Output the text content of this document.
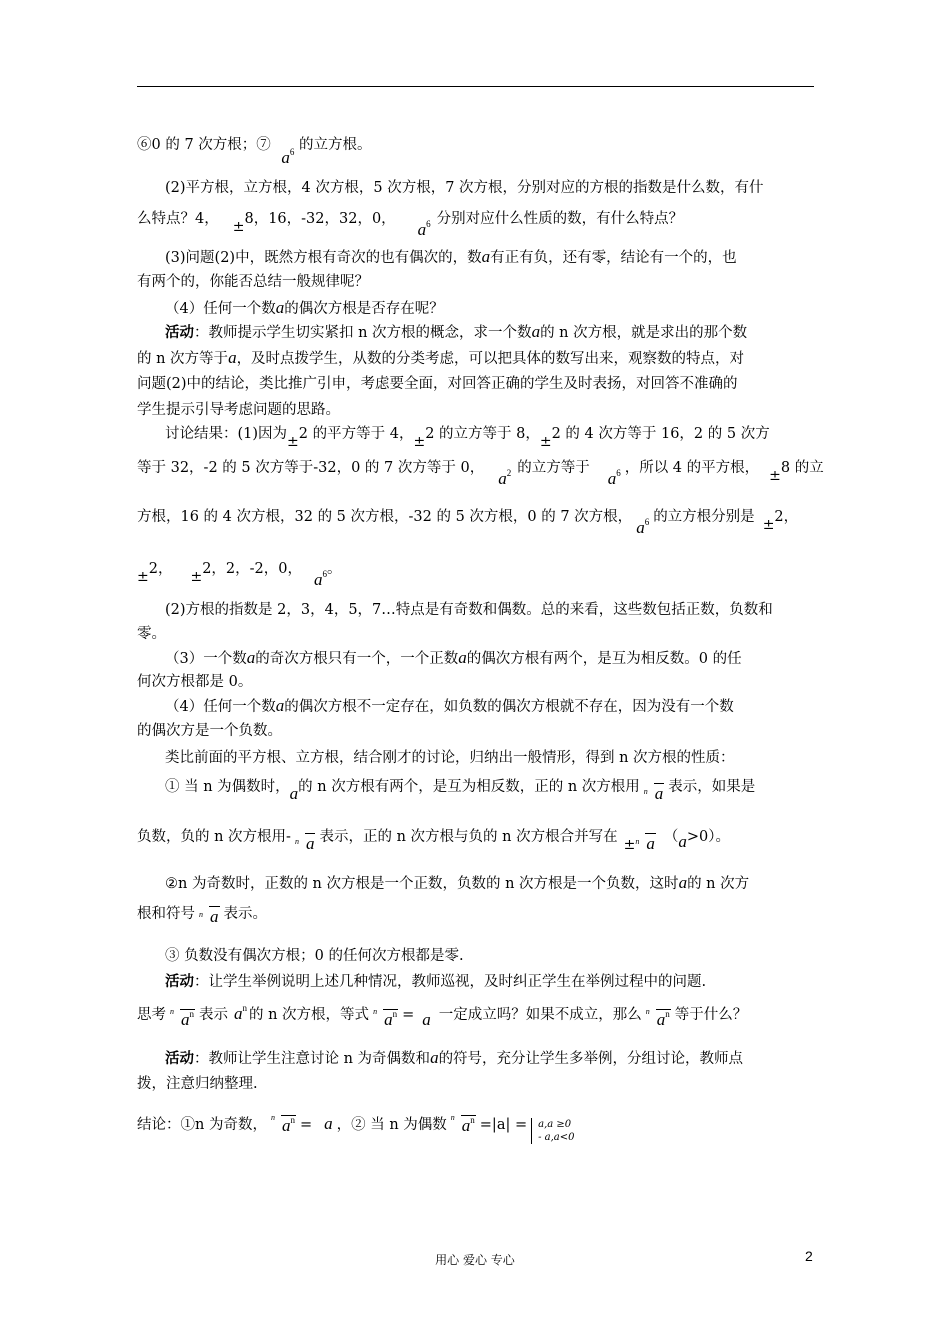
⑥0 的 7 次方根；⑦ $a^6$ 的立方根。
(2)平方根，立方根，4 次方根，5 次方根，7 次方根，分别对应的方根的指数是什么数，有什
么特点？4， ±8，16，-32，32，0，$a^6$ 分别对应什么性质的数，有什么特点？
(3)问题(2)中，既然方根有奇次的也有偶次的，数a有正有负，还有零，结论有一个的，也
有两个的，你能否总结一般规律呢？
（4）任何一个数a的偶次方根是否存在呢？
活动：教师提示学生切实紧扣 n 次方根的概念，求一个数a的 n 次方根，就是求出的那个数
的 n 次方等于a，及时点拨学生，从数的分类考虑，可以把具体的数写出来，观察数的特点，对
问题(2)中的结论，类比推广引申，考虑要全面，对回答正确的学生及时表扬，对回答不准确的
学生提示引导考虑问题的思路。
讨论结果：(1)因为±2 的平方等于 4，±2 的立方等于 8，±2 的 4 次方等于 16，2 的 5 次方
等于 32，-2 的 5 次方等于-32，0 的 7 次方等于 0，$a^2$ 的立方等于$a^6$ ，所以 4 的平方根， ±8 的立
方根，16 的 4 次方根，32 的 5 次方根，-32 的 5 次方根，0 的 7 次方根，$a^6$ 的立方根分别是 ±2，
±2， ±2，2，-2，0，$a^6$。
(2)方根的指数是 2，3，4，5，7…特点是有奇数和偶数。总的来看，这些数包括正数，负数和
零。
（3）一个数a的奇次方根只有一个，一个正数a的偶次方根有两个，是互为相反数。0 的任
何次方根都是 0。
（4）任何一个数a的偶次方根不一定存在，如负数的偶次方根就不存在，因为没有一个数
的偶次方是一个负数。
类比前面的平方根、立方根，结合刚才的讨论，归纳出一般情形，得到 n 次方根的性质：
① 当 n 为偶数时，a的 n 次方根有两个，是互为相反数，正的 n 次方根用 n a 表示，如果是
负数，负的 n 次方根用- n a 表示，正的 n 次方根与负的 n 次方根合并写在 ± n a （a>0）。
②n 为奇数时，正数的 n 次方根是一个正数，负数的 n 次方根是一个负数，这时a的 n 次方
根和符号 n a 表示。
③ 负数没有偶次方根；0 的任何次方根都是零.
活动：让学生举例说明上述几种情况，教师巡视，及时纠正学生在举例过程中的问题.
思考 n $a^n$ 表示 $a^n$ 的 n 次方根，等式 n $a^n = a$ 一定成立吗？如果不成立，那么 n $a^n$ 等于什么？
活动：教师让学生注意讨论 n 为奇偶数和a的符号，充分让学生多举例，分组讨论，教师点
拨，注意归纳整理.
结论：①n 为奇数， n $a^n = a$ ，② 当 n 为偶数 n $a^n =|a| = a,a \ge 0$
- a,a<0
用心 爱心 专心	2
